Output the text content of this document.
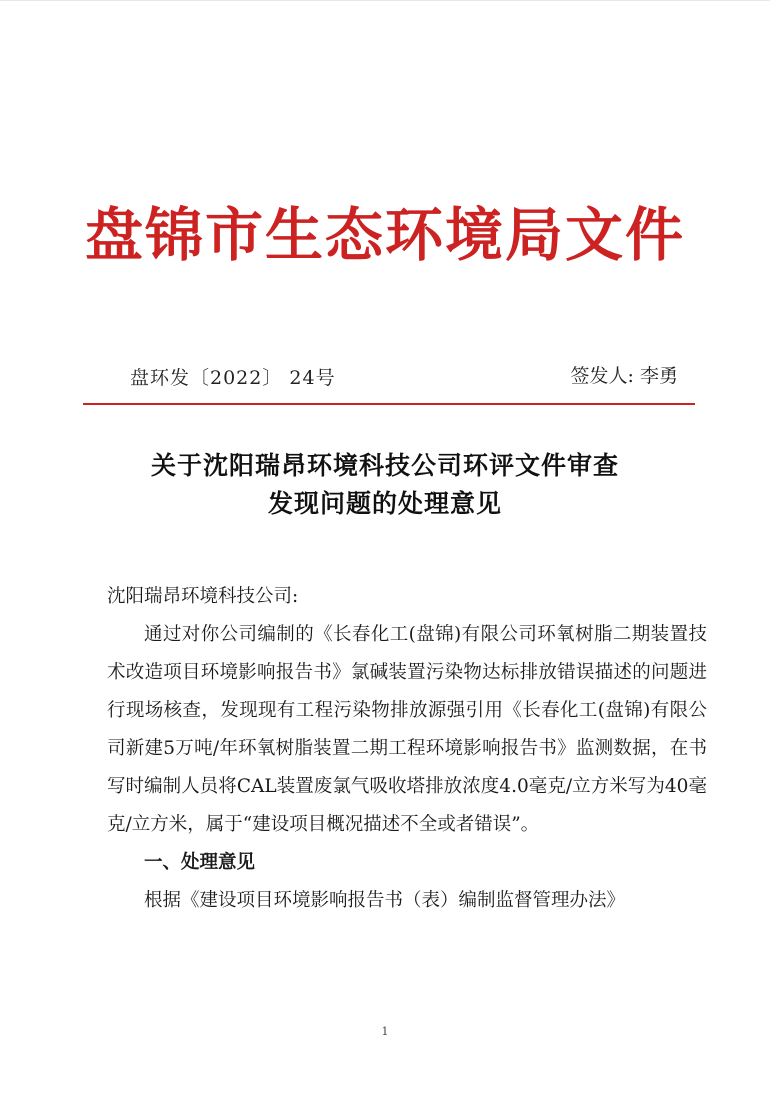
盘锦市生态环境局文件
盘环发〔2022〕 24号	签发人: 李勇
关于沈阳瑞昂环境科技公司环评文件审查
发现问题的处理意见

沈阳瑞昂环境科技公司:

通过对你公司编制的《长春化工(盘锦)有限公司环氧树脂二期装置技术改造项目环境影响报告书》氯碱装置污染物达标排放错误描述的问题进行现场核查，发现现有工程污染物排放源强引用《长春化工(盘锦)有限公司新建5万吨/年环氧树脂装置二期工程环境影响报告书》监测数据，在书写时编制人员将CAL装置废氯气吸收塔排放浓度4.0毫克/立方米写为40毫克/立方米，属于“建设项目概况描述不全或者错误”。

一、处理意见

根据《建设项目环境影响报告书（表）编制监督管理办法》

1
